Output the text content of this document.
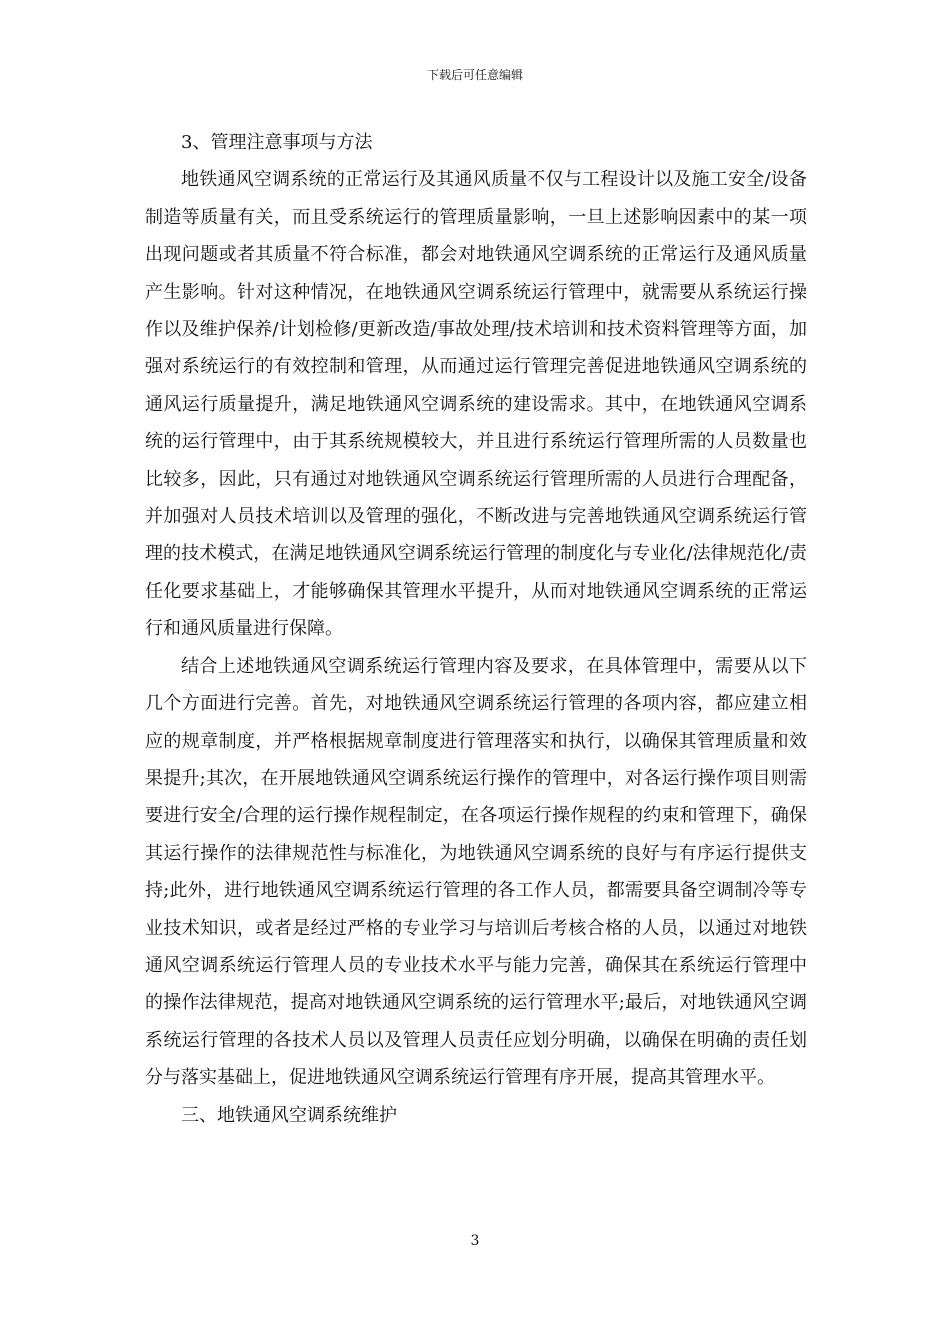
下载后可任意编辑

3、管理注意事项与方法

地铁通风空调系统的正常运行及其通风质量不仅与工程设计以及施工安全/设备制造等质量有关，而且受系统运行的管理质量影响，一旦上述影响因素中的某一项出现问题或者其质量不符合标准，都会对地铁通风空调系统的正常运行及通风质量产生影响。针对这种情况，在地铁通风空调系统运行管理中，就需要从系统运行操作以及维护保养/计划检修/更新改造/事故处理/技术培训和技术资料管理等方面，加强对系统运行的有效控制和管理，从而通过运行管理完善促进地铁通风空调系统的通风运行质量提升，满足地铁通风空调系统的建设需求。其中，在地铁通风空调系统的运行管理中，由于其系统规模较大，并且进行系统运行管理所需的人员数量也比较多，因此，只有通过对地铁通风空调系统运行管理所需的人员进行合理配备，并加强对人员技术培训以及管理的强化，不断改进与完善地铁通风空调系统运行管理的技术模式，在满足地铁通风空调系统运行管理的制度化与专业化/法律规范化/责任化要求基础上，才能够确保其管理水平提升，从而对地铁通风空调系统的正常运行和通风质量进行保障。

结合上述地铁通风空调系统运行管理内容及要求，在具体管理中，需要从以下几个方面进行完善。首先，对地铁通风空调系统运行管理的各项内容，都应建立相应的规章制度，并严格根据规章制度进行管理落实和执行，以确保其管理质量和效果提升;其次，在开展地铁通风空调系统运行操作的管理中，对各运行操作项目则需要进行安全/合理的运行操作规程制定，在各项运行操作规程的约束和管理下，确保其运行操作的法律规范性与标准化，为地铁通风空调系统的良好与有序运行提供支持;此外，进行地铁通风空调系统运行管理的各工作人员，都需要具备空调制冷等专业技术知识，或者是经过严格的专业学习与培训后考核合格的人员，以通过对地铁通风空调系统运行管理人员的专业技术水平与能力完善，确保其在系统运行管理中的操作法律规范，提高对地铁通风空调系统的运行管理水平;最后，对地铁通风空调系统运行管理的各技术人员以及管理人员责任应划分明确，以确保在明确的责任划分与落实基础上，促进地铁通风空调系统运行管理有序开展，提高其管理水平。

三、地铁通风空调系统维护

3
